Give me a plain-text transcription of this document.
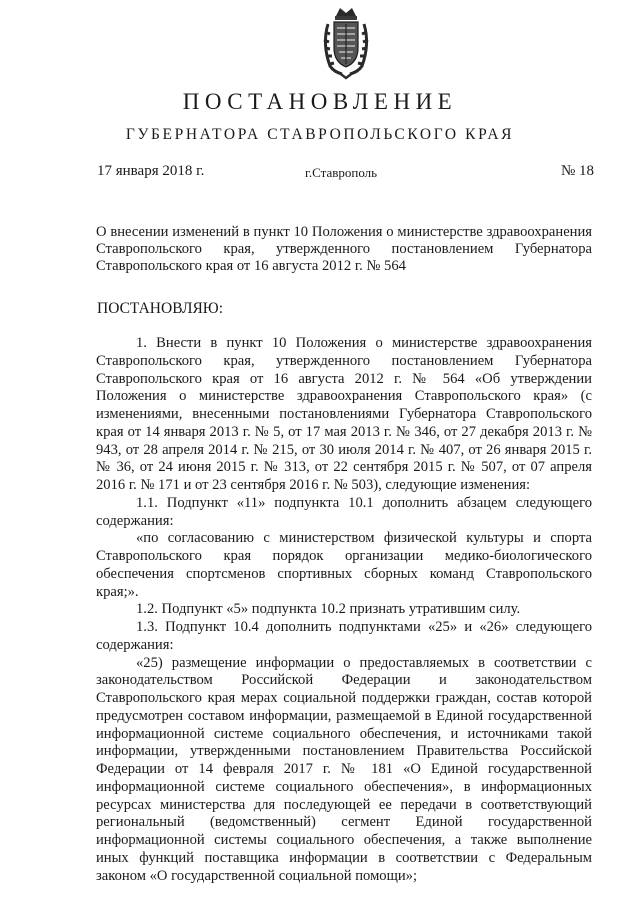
ПОСТАНОВЛЕНИЕ
ГУБЕРНАТОРА СТАВРОПОЛЬСКОГО КРАЯ
17 января 2018 г.	г.Ставрополь	№ 18

О внесении изменений в пункт 10 Положения о министерстве здравоохранения Ставропольского края, утвержденного постановлением Губернатора Ставропольского края от 16 августа 2012 г. № 564

ПОСТАНОВЛЯЮ:

1. Внести в пункт 10 Положения о министерстве здравоохранения Ставропольского края, утвержденного постановлением Губернатора Ставропольского края от 16 августа 2012 г. № 564 «Об утверждении Положения о министерстве здравоохранения Ставропольского края» (с изменениями, внесенными постановлениями Губернатора Ставропольского края от 14 января 2013 г. № 5, от 17 мая 2013 г. № 346, от 27 декабря 2013 г. № 943, от 28 апреля 2014 г. № 215, от 30 июля 2014 г. № 407, от 26 января 2015 г. № 36, от 24 июня 2015 г. № 313, от 22 сентября 2015 г. № 507, от 07 апреля 2016 г. № 171 и от 23 сентября 2016 г. № 503), следующие изменения:

1.1. Подпункт «11» подпункта 10.1 дополнить абзацем следующего содержания:

«по согласованию с министерством физической культуры и спорта Ставропольского края порядок организации медико-биологического обеспечения спортсменов спортивных сборных команд Ставропольского края;».

1.2. Подпункт «5» подпункта 10.2 признать утратившим силу.

1.3. Подпункт 10.4 дополнить подпунктами «25» и «26» следующего содержания:

«25) размещение информации о предоставляемых в соответствии с законодательством Российской Федерации и законодательством Ставропольского края мерах социальной поддержки граждан, состав которой предусмотрен составом информации, размещаемой в Единой государственной информационной системе социального обеспечения, и источниками такой информации, утвержденными постановлением Правительства Российской Федерации от 14 февраля 2017 г. № 181 «О Единой государственной информационной системе социального обеспечения», в информационных ресурсах министерства для последующей ее передачи в соответствующий региональный (ведомственный) сегмент Единой государственной информационной системы социального обеспечения, а также выполнение иных функций поставщика информации в соответствии с Федеральным законом «О государственной социальной помощи»;
